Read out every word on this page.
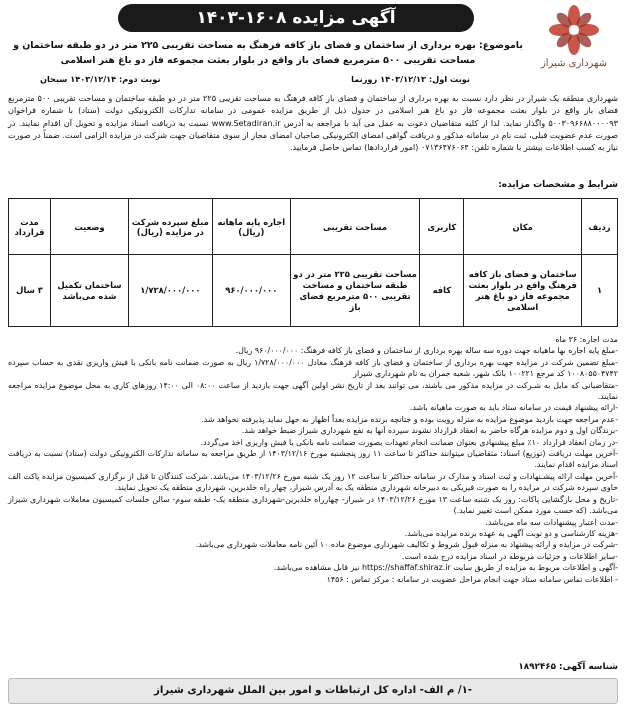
آگهی مزایده ۱۶۰۸-۱۴۰۳
شهرداری شیراز
باموضوع: بهره برداری از ساختمان و فضای باز کافه فرهنگ به مساحت تقریبی ۲۲۵ متر در دو طبقه ساختمان و مساحت تقریبی ۵۰۰ مترمربع فضای باز واقع در بلوار بعثت مجموعه فاز دو باغ هنر اسلامی
نوبت اول: ۱۴۰۳/۱۲/۱۳ روزنما
نوبت دوم: ۱۴۰۳/۱۲/۱۴ سبحان
شهرداری منطقه یک شیراز در نظر دارد نسبت به بهره برداری از ساختمان و فضای باز کافه فرهنگ به مساحت تقریبی ۲۲۵ متر در دو طبقه ساختمان و مساحت تقریبی ۵۰۰ مترمربع فضای باز واقع در بلوار بعثت مجموعه فاز دو باغ هنر اسلامی در جدول ذیل از طریق مزایده عمومی در سامانه تدارکات الکترونیکی دولت (ستاد) با شماره فراخوان ۵۰۰۳۰۹۶۶۸۸۰۰۰۰۹۳ واگذار نماید. لذا از کلیه متقاضیان دعوت به عمل می آید با مراجعه به آدرس www.Setadiran.ir نسبت به دریافت اسناد مزایده و تحویل آن اقدام نمایند. در صورت عدم عضویت قبلی، ثبت نام در سامانه مذکور و دریافت گواهی امضای الکترونیکی صاحبان امضای مجاز از سوی متقاضیان جهت شرکت در مزایده الزامی است. ضمناً در صورت نیاز به کسب اطلاعات بیشتر با شماره تلفن: ۰۷۱۳۶۴۷۶۰۶۴ (امور قراردادها) تماس حاصل فرمایید.
شرایط و مشخصات مزایده:
ردیف	مکان	کاربری	مساحت تقریبی	اجاره پایه ماهانه (ریال)	مبلغ سپرده شرکت در مزایده (ریال)	وضعیت	مدت قرارداد
۱	ساختمان و فضای باز کافه فرهنگ واقع در بلوار بعثت مجموعه فاز دو باغ هنر اسلامی	کافه	مساحت تقریبی ۲۲۵ متر در دو طبقه ساختمان و مساحت تقریبی ۵۰۰ مترمربع فضای باز	۹۶۰/۰۰۰/۰۰۰	۱/۷۲۸/۰۰۰/۰۰۰	ساختمان تکمیل شده می‌باشد	۳ سال

مدت اجاره: ۳۶ ماه

-مبلغ پایه اجاره بها ماهیانه جهت دوره سه ساله بهره برداری از ساختمان و فضای باز کافه فرهنگ: ۹۶۰/۰۰۰/۰۰۰ ریال.

-مبلغ تضمین شرکت در مزایده جهت بهره برداری از ساختمان و فضای باز کافه فرهنگ معادل ۱/۷۲۸/۰۰۰/۰۰۰ ریال به صورت ضمانت نامه بانکی یا فیش واریزی نقدی به حساب سپرده ۱۰۰۸۰۵۵۰۴۷۴۲ کد مرجع ۱۰۰۲۲۱ بانک شهر، شعبه جمران به نام شهرداری شیراز

-متقاضیانی که مایل به شـرکت در مزایده مذکور می باشند، می توانند بعد از تاریخ نشر اولین آگهی جهت بازدید از ساعت ۰۸:۰۰ الی ۱۴:۰۰ روزهای کاری به محل موضوع مزایده مراجعه نمایند.

-ارائه پیشنهاد قیمت در سامانه ستاد باید به صورت ماهیانه باشد.

-عدم مراجعه جهت بازدید موضوع مزایده به منزله رویت بوده و جتانچه برنده مزایده بعداً اظهار به جهل نماید پذیرفته نخواهد شد.

-برندگان اول و دوم مزایده هرگاه حاضر به انعقاد قرارداد نشوند سپرده آنها به نفع شهرداری شیراز ضبط خواهد شد.

-در زمان انعقاد قرارداد ۱۰٪ مبلغ پیشنهادی بعنوان ضمانت انجام تعهدات بصورت ضمانت نامه بانکی یا فیش واریزی اخذ می‌گردد.

-آخرین مهلت دریافت (توزیع) اسناد: متقاضیان میتوانند حداکثر تا ساعت ۱۱ روز پنجشنبه مورخ ۱۴۰۳/۱۲/۱۶ از طریق مراجعه به سامانه تدارکات الکترونیکی دولت (ستاد) نسبت به دریافت اسناد مزایده اقدام نمایند.

-آخرین مهلت ارائه پیشـنهادات و ثبت اسناد و مدارک در سامانه حداکثر تا ساعت ۱۲ روز یک شنبه مورخ ۱۴۰۳/۱۲/۲۶ می‌باشد. شرکت کنندگان تا قبل از برگزاری کمیسیون مزایده پاکت الف حاوی سپرده شرکت در مزایده را به صورت فیزیکی به دبیرخانه شهرداری منطقه یک به آدرس شیراز، چهار راه خلدبرین، شهرداری منطقه یک تحویل نمایند.

-تاریخ و محل بازگشایی پاکات: روز یک شنبه ساعت ۱۳ مورخ ۱۴۰۳/۱۲/۲۶ در شیراز- چهارراه خلدبرین-شهرداری منطقه یک- طبقه سوم- سالن جلسات کمیسیون معاملات شهرداری شیراز می‌باشد. (که حسب مورد ممکن است تغییر نماید.)

-مدت اعتبار پیشنهادات سه ماه می‌باشد.

-هزینه کارشناسی و دو نوبت آگهی به عهده برنده مزایده می‌باشد.

-شرکت در مزایده و ارائه پیشنهاد به منزله قبول شروط و تکالیف شهرداری موضوع ماده ۱۰ آئین نامه معاملات شهرداری می‌باشد.

-سایر اطلاعات و جزئیات مربوطه در اسناد مزایده درج شده است.

-آگهی و اطلاعات مربوط به مزایده از طریق سایت https://shaffaf.shiraz.ir نیز قابل مشاهده می‌باشد.

- اطلاعات تماس سامانه ستاد جهت انجام مراحل عضویت در سامانه : مرکز تماس : ۱۴۵۶

شناسه آگهی: ۱۸۹۲۴۶۵
-۱/ م الف- اداره کل ارتباطات و امور بین الملل شهرداری شیراز
